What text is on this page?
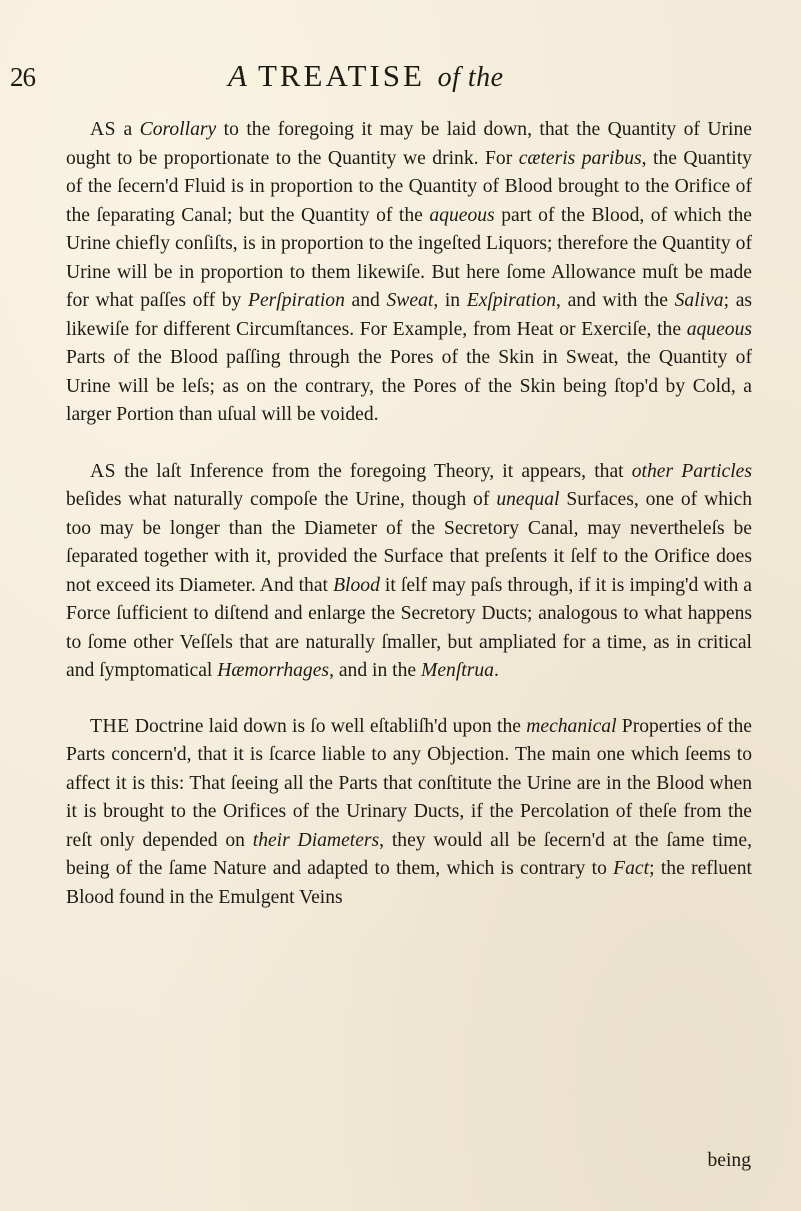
26	A TREATISE of the

AS a Corollary to the foregoing it may be laid down, that the Quantity of Urine ought to be proportionate to the Quantity we drink. For cæteris paribus, the Quantity of the ſecern'd Fluid is in proportion to the Quantity of Blood brought to the Orifice of the ſeparating Canal; but the Quantity of the aqueous part of the Blood, of which the Urine chiefly conſiſts, is in proportion to the ingeſted Liquors; therefore the Quantity of Urine will be in proportion to them likewiſe. But here ſome Allowance muſt be made for what paſſes off by Perſpiration and Sweat, in Exſpiration, and with the Saliva; as likewiſe for different Circumſtances. For Example, from Heat or Exerciſe, the aqueous Parts of the Blood paſſing through the Pores of the Skin in Sweat, the Quantity of Urine will be leſs; as on the contrary, the Pores of the Skin being ſtop'd by Cold, a larger Portion than uſual will be voided.

AS the laſt Inference from the foregoing Theory, it appears, that other Particles beſides what naturally compoſe the Urine, though of unequal Surfaces, one of which too may be longer than the Diameter of the Secretory Canal, may nevertheleſs be ſeparated together with it, provided the Surface that preſents it ſelf to the Orifice does not exceed its Diameter. And that Blood it ſelf may paſs through, if it is imping'd with a Force ſufficient to diſtend and enlarge the Secretory Ducts; analogous to what happens to ſome other Veſſels that are naturally ſmaller, but ampliated for a time, as in critical and ſymptomatical Hæmorrhages, and in the Menſtrua.

THE Doctrine laid down is ſo well eſtabliſh'd upon the mechanical Properties of the Parts concern'd, that it is ſcarce liable to any Objection. The main one which ſeems to affect it is this: That ſeeing all the Parts that conſtitute the Urine are in the Blood when it is brought to the Orifices of the Urinary Ducts, if the Percolation of theſe from the reſt only depended on their Diameters, they would all be ſecern'd at the ſame time, being of the ſame Nature and adapted to them, which is contrary to Fact; the refluent Blood found in the Emulgent Veins

being
